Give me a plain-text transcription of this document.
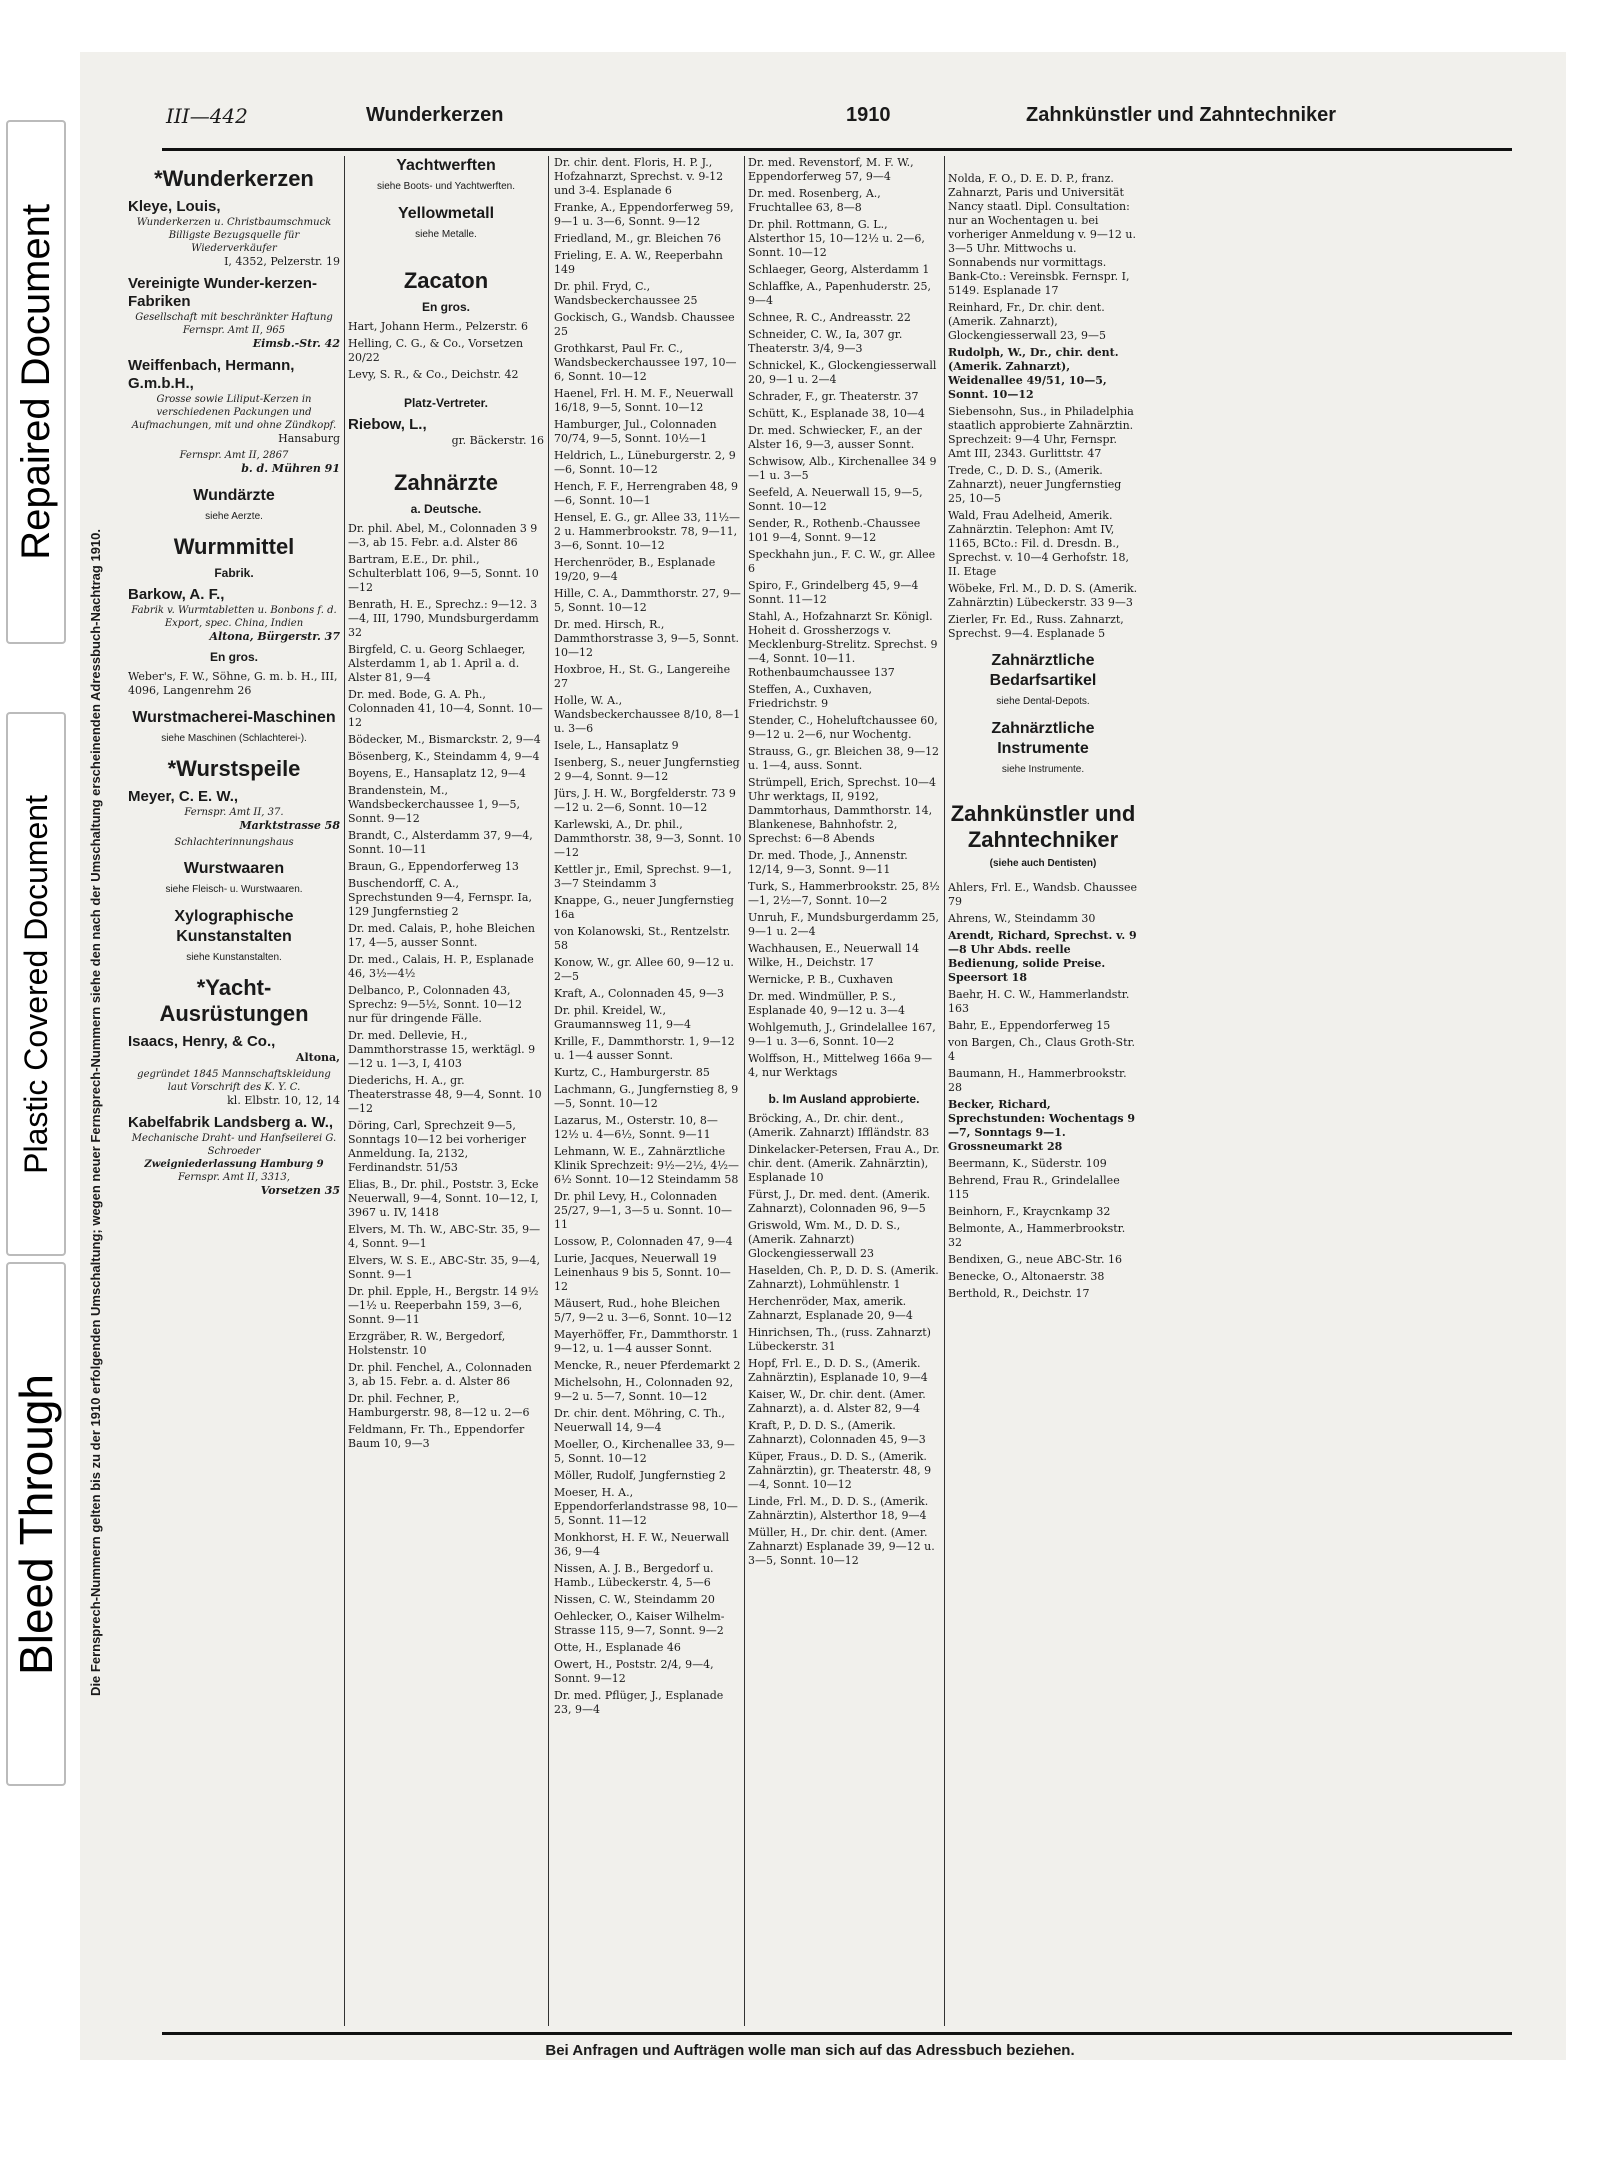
Repaired Document
Plastic Covered Document
Bleed Through
III—442	Wunderkerzen	1910	Zahnkünstler und Zahntechniker
Die Fernsprech-Nummern gelten bis zu der 1910 erfolgenden Umschaltung; wegen neuer Fernsprech-Nummern siehe den nach der Umschaltung erscheinenden Adressbuch-Nachtrag 1910.
*Wunderkerzen
Kleye, Louis,
Wunderkerzen u. Christbaumschmuck
Billigste Bezugsquelle für Wiederverkäufer
I, 4352, Pelzerstr. 19
Vereinigte Wunder-kerzen-Fabriken
Gesellschaft mit beschränkter Haftung
Fernspr. Amt II, 965
Eimsb.-Str. 42
Weiffenbach, Hermann, G.m.b.H.,
Grosse sowie Liliput-Kerzen in verschiedenen Packungen und Aufmachungen, mit und ohne Zündkopf.
Hansaburg
Fernspr. Amt II, 2867
b. d. Mühren 91
Wundärzte
siehe Aerzte.
Wurmmittel
Fabrik.
Barkow, A. F.,
Fabrik v. Wurmtabletten u. Bonbons f. d. Export, spec. China, Indien
Altona, Bürgerstr. 37
En gros.
Weber's, F. W., Söhne, G. m. b. H., III, 4096, Langenrehm 26
Wurstmacherei-Maschinen
siehe Maschinen (Schlachterei-).
*Wurstspeile
Meyer, C. E. W.,
Fernspr. Amt II, 37.
Marktstrasse 58
Schlachterinnungshaus
Wurstwaaren
siehe Fleisch- u. Wurstwaaren.
Xylographische Kunstanstalten
siehe Kunstanstalten.
*Yacht-Ausrüstungen
Isaacs, Henry, & Co.,
Altona,
gegründet 1845 Mannschaftskleidung laut Vorschrift des K. Y. C.
kl. Elbstr. 10, 12, 14
Kabelfabrik Landsberg a. W.,
Mechanische Draht- und Hanfseilerei G. Schroeder
Zweigniederlassung Hamburg 9
Fernspr. Amt II, 3313,
Vorsetzen 35
Yachtwerften
siehe Boots- und Yachtwerften.
Yellowmetall
siehe Metalle.
Zacaton
En gros.
Hart, Johann Herm., Pelzerstr. 6
Helling, C. G., & Co., Vorsetzen 20/22
Levy, S. R., & Co., Deichstr. 42
Platz-Vertreter.
Riebow, L.,
gr. Bäckerstr. 16
Zahnärzte
a. Deutsche.
Dr. phil. Abel, M., Colonnaden 3 9—3, ab 15. Febr. a.d. Alster 86
Bartram, E.E., Dr. phil., Schulterblatt 106, 9—5, Sonnt. 10—12
Benrath, H. E., Sprechz.: 9—12. 3—4, III, 1790, Mundsburgerdamm 32
Birgfeld, C. u. Georg Schlaeger, Alsterdamm 1, ab 1. April a. d. Alster 81, 9—4
Dr. med. Bode, G. A. Ph., Colonnaden 41, 10—4, Sonnt. 10—12
Bödecker, M., Bismarckstr. 2, 9—4
Bösenberg, K., Steindamm 4, 9—4
Boyens, E., Hansaplatz 12, 9—4
Brandenstein, M., Wandsbeckerchaussee 1, 9—5, Sonnt. 9—12
Brandt, C., Alsterdamm 37, 9—4, Sonnt. 10—11
Braun, G., Eppendorferweg 13
Buschendorff, C. A., Sprechstunden 9—4, Fernspr. Ia, 129 Jungfernstieg 2
Dr. med. Calais, P., hohe Bleichen 17, 4—5, ausser Sonnt.
Dr. med., Calais, H. P., Esplanade 46, 3½—4½
Delbanco, P., Colonnaden 43, Sprechz: 9—5½, Sonnt. 10—12 nur für dringende Fälle.
Dr. med. Dellevie, H., Dammthorstrasse 15, werktägl. 9—12 u. 1—3, I, 4103
Diederichs, H. A., gr. Theaterstrasse 48, 9—4, Sonnt. 10—12
Döring, Carl, Sprechzeit 9—5, Sonntags 10—12 bei vorheriger Anmeldung. Ia, 2132, Ferdinandstr. 51/53
Elias, B., Dr. phil., Poststr. 3, Ecke Neuerwall, 9—4, Sonnt. 10—12, I, 3967 u. IV, 1418
Elvers, M. Th. W., ABC-Str. 35, 9—4, Sonnt. 9—1
Elvers, W. S. E., ABC-Str. 35, 9—4, Sonnt. 9—1
Dr. phil. Epple, H., Bergstr. 14 9½—1½ u. Reeperbahn 159, 3—6, Sonnt. 9—11
Erzgräber, R. W., Bergedorf, Holstenstr. 10
Dr. phil. Fenchel, A., Colonnaden 3, ab 15. Febr. a. d. Alster 86
Dr. phil. Fechner, P., Hamburgerstr. 98, 8—12 u. 2—6
Feldmann, Fr. Th., Eppendorfer Baum 10, 9—3
Dr. chir. dent. Floris, H. P. J., Hofzahnarzt, Sprechst. v. 9-12 und 3-4. Esplanade 6
Franke, A., Eppendorferweg 59, 9—1 u. 3—6, Sonnt. 9—12
Friedland, M., gr. Bleichen 76
Frieling, E. A. W., Reeperbahn 149
Dr. phil. Fryd, C., Wandsbeckerchaussee 25
Gockisch, G., Wandsb. Chaussee 25
Grothkarst, Paul Fr. C., Wandsbeckerchaussee 197, 10—6, Sonnt. 10—12
Haenel, Frl. H. M. F., Neuerwall 16/18, 9—5, Sonnt. 10—12
Hamburger, Jul., Colonnaden 70/74, 9—5, Sonnt. 10½—1
Heldrich, L., Lüneburgerstr. 2, 9—6, Sonnt. 10—12
Hench, F. F., Herrengraben 48, 9—6, Sonnt. 10—1
Hensel, E. G., gr. Allee 33, 11½—2 u. Hammerbrookstr. 78, 9—11, 3—6, Sonnt. 10—12
Herchenröder, B., Esplanade 19/20, 9—4
Hille, C. A., Dammthorstr. 27, 9—5, Sonnt. 10—12
Dr. med. Hirsch, R., Dammthorstrasse 3, 9—5, Sonnt. 10—12
Hoxbroe, H., St. G., Langereihe 27
Holle, W. A., Wandsbeckerchaussee 8/10, 8—1 u. 3—6
Isele, L., Hansaplatz 9
Isenberg, S., neuer Jungfernstieg 2 9—4, Sonnt. 9—12
Jürs, J. H. W., Borgfelderstr. 73 9—12 u. 2—6, Sonnt. 10—12
Karlewski, A., Dr. phil., Dammthorstr. 38, 9—3, Sonnt. 10—12
Kettler jr., Emil, Sprechst. 9—1, 3—7 Steindamm 3
Knappe, G., neuer Jungfernstieg 16a
von Kolanowski, St., Rentzelstr. 58
Konow, W., gr. Allee 60, 9—12 u. 2—5
Kraft, A., Colonnaden 45, 9—3
Dr. phil. Kreidel, W., Graumannsweg 11, 9—4
Krille, F., Dammthorstr. 1, 9—12 u. 1—4 ausser Sonnt.
Kurtz, C., Hamburgerstr. 85
Lachmann, G., Jungfernstieg 8, 9—5, Sonnt. 10—12
Lazarus, M., Osterstr. 10, 8—12½ u. 4—6½, Sonnt. 9—11
Lehmann, W. E., Zahnärztliche Klinik Sprechzeit: 9½—2½, 4½—6½ Sonnt. 10—12 Steindamm 58
Dr. phil Levy, H., Colonnaden 25/27, 9—1, 3—5 u. Sonnt. 10—11
Lossow, P., Colonnaden 47, 9—4
Lurie, Jacques, Neuerwall 19 Leinenhaus 9 bis 5, Sonnt. 10—12
Mäusert, Rud., hohe Bleichen 5/7, 9—2 u. 3—6, Sonnt. 10—12
Mayerhöffer, Fr., Dammthorstr. 1 9—12, u. 1—4 ausser Sonnt.
Mencke, R., neuer Pferdemarkt 2
Michelsohn, H., Colonnaden 92, 9—2 u. 5—7, Sonnt. 10—12
Dr. chir. dent. Möhring, C. Th., Neuerwall 14, 9—4
Moeller, O., Kirchenallee 33, 9—5, Sonnt. 10—12
Möller, Rudolf, Jungfernstieg 2
Moeser, H. A., Eppendorferlandstrasse 98, 10—5, Sonnt. 11—12
Monkhorst, H. F. W., Neuerwall 36, 9—4
Nissen, A. J. B., Bergedorf u. Hamb., Lübeckerstr. 4, 5—6
Nissen, C. W., Steindamm 20
Oehlecker, O., Kaiser Wilhelm-Strasse 115, 9—7, Sonnt. 9—2
Otte, H., Esplanade 46
Owert, H., Poststr. 2/4, 9—4, Sonnt. 9—12
Dr. med. Pflüger, J., Esplanade 23, 9—4
Dr. med. Revenstorf, M. F. W., Eppendorferweg 57, 9—4
Dr. med. Rosenberg, A., Fruchtallee 63, 8—8
Dr. phil. Rottmann, G. L., Alsterthor 15, 10—12½ u. 2—6, Sonnt. 10—12
Schlaeger, Georg, Alsterdamm 1
Schlaffke, A., Papenhuderstr. 25, 9—4
Schnee, R. C., Andreasstr. 22
Schneider, C. W., Ia, 307 gr. Theaterstr. 3/4, 9—3
Schnickel, K., Glockengiesserwall 20, 9—1 u. 2—4
Schrader, F., gr. Theaterstr. 37
Schütt, K., Esplanade 38, 10—4
Dr. med. Schwiecker, F., an der Alster 16, 9—3, ausser Sonnt.
Schwisow, Alb., Kirchenallee 34 9—1 u. 3—5
Seefeld, A. Neuerwall 15, 9—5, Sonnt. 10—12
Sender, R., Rothenb.-Chaussee 101 9—4, Sonnt. 9—12
Speckhahn jun., F. C. W., gr. Allee 6
Spiro, F., Grindelberg 45, 9—4 Sonnt. 11—12
Stahl, A., Hofzahnarzt Sr. Königl. Hoheit d. Grossherzogs v. Mecklenburg-Strelitz. Sprechst. 9—4, Sonnt. 10—11. Rothenbaumchaussee 137
Steffen, A., Cuxhaven, Friedrichstr. 9
Stender, C., Hoheluftchaussee 60, 9—12 u. 2—6, nur Wochentg.
Strauss, G., gr. Bleichen 38, 9—12 u. 1—4, auss. Sonnt.
Strümpell, Erich, Sprechst. 10—4 Uhr werktags, II, 9192, Dammtorhaus, Dammthorstr. 14, Blankenese, Bahnhofstr. 2, Sprechst: 6—8 Abends
Dr. med. Thode, J., Annenstr. 12/14, 9—3, Sonnt. 9—11
Turk, S., Hammerbrookstr. 25, 8½—1, 2½—7, Sonnt. 10—2
Unruh, F., Mundsburgerdamm 25, 9—1 u. 2—4
Wachhausen, E., Neuerwall 14 Wilke, H., Deichstr. 17
Wernicke, P. B., Cuxhaven
Dr. med. Windmüller, P. S., Esplanade 40, 9—12 u. 3—4
Wohlgemuth, J., Grindelallee 167, 9—1 u. 3—6, Sonnt. 10—2
Wolffson, H., Mittelweg 166a 9—4, nur Werktags
b. Im Ausland approbierte.
Bröcking, A., Dr. chir. dent., (Amerik. Zahnarzt) Iffländstr. 83
Dinkelacker-Petersen, Frau A., Dr. chir. dent. (Amerik. Zahnärztin), Esplanade 10
Fürst, J., Dr. med. dent. (Amerik. Zahnarzt), Colonnaden 96, 9—5
Griswold, Wm. M., D. D. S., (Amerik. Zahnarzt) Glockengiesserwall 23
Haselden, Ch. P., D. D. S. (Amerik. Zahnarzt), Lohmühlenstr. 1
Herchenröder, Max, amerik. Zahnarzt, Esplanade 20, 9—4
Hinrichsen, Th., (russ. Zahnarzt) Lübeckerstr. 31
Hopf, Frl. E., D. D. S., (Amerik. Zahnärztin), Esplanade 10, 9—4
Kaiser, W., Dr. chir. dent. (Amer. Zahnarzt), a. d. Alster 82, 9—4
Kraft, P., D. D. S., (Amerik. Zahnarzt), Colonnaden 45, 9—3
Küper, Fraus., D. D. S., (Amerik. Zahnärztin), gr. Theaterstr. 48, 9—4, Sonnt. 10—12
Linde, Frl. M., D. D. S., (Amerik. Zahnärztin), Alsterthor 18, 9—4
Müller, H., Dr. chir. dent. (Amer. Zahnarzt) Esplanade 39, 9—12 u. 3—5, Sonnt. 10—12
Nolda, F. O., D. E. D. P., franz. Zahnarzt, Paris und Universität Nancy staatl. Dipl. Consultation: nur an Wochentagen u. bei vorheriger Anmeldung v. 9—12 u. 3—5 Uhr. Mittwochs u. Sonnabends nur vormittags. Bank-Cto.: Vereinsbk. Fernspr. I, 5149. Esplanade 17
Reinhard, Fr., Dr. chir. dent. (Amerik. Zahnarzt), Glockengiesserwall 23, 9—5
Rudolph, W., Dr., chir. dent. (Amerik. Zahnarzt), Weidenallee 49/51, 10—5, Sonnt. 10—12
Siebensohn, Sus., in Philadelphia staatlich approbierte Zahnärztin. Sprechzeit: 9—4 Uhr, Fernspr. Amt III, 2343. Gurlittstr. 47
Trede, C., D. D. S., (Amerik. Zahnarzt), neuer Jungfernstieg 25, 10—5
Wald, Frau Adelheid, Amerik. Zahnärztin. Telephon: Amt IV, 1165, BCto.: Fil. d. Dresdn. B., Sprechst. v. 10—4 Gerhofstr. 18, II. Etage
Wöbeke, Frl. M., D. D. S. (Amerik. Zahnärztin) Lübeckerstr. 33 9—3
Zierler, Fr. Ed., Russ. Zahnarzt, Sprechst. 9—4. Esplanade 5
Zahnärztliche Bedarfsartikel
siehe Dental-Depots.
Zahnärztliche Instrumente
siehe Instrumente.
Zahnkünstler und Zahntechniker
(siehe auch Dentisten)
Ahlers, Frl. E., Wandsb. Chaussee 79
Ahrens, W., Steindamm 30
Arendt, Richard, Sprechst. v. 9—8 Uhr Abds. reelle Bedienung, solide Preise. Speersort 18
Baehr, H. C. W., Hammerlandstr. 163
Bahr, E., Eppendorferweg 15
von Bargen, Ch., Claus Groth-Str. 4
Baumann, H., Hammerbrookstr. 28
Becker, Richard, Sprechstunden: Wochentags 9—7, Sonntags 9—1. Grossneumarkt 28
Beermann, K., Süderstr. 109
Behrend, Frau R., Grindelallee 115
Beinhorn, F., Kraycnkamp 32
Belmonte, A., Hammerbrookstr. 32
Bendixen, G., neue ABC-Str. 16
Benecke, O., Altonaerstr. 38
Berthold, R., Deichstr. 17
Bei Anfragen und Aufträgen wolle man sich auf das Adressbuch beziehen.
